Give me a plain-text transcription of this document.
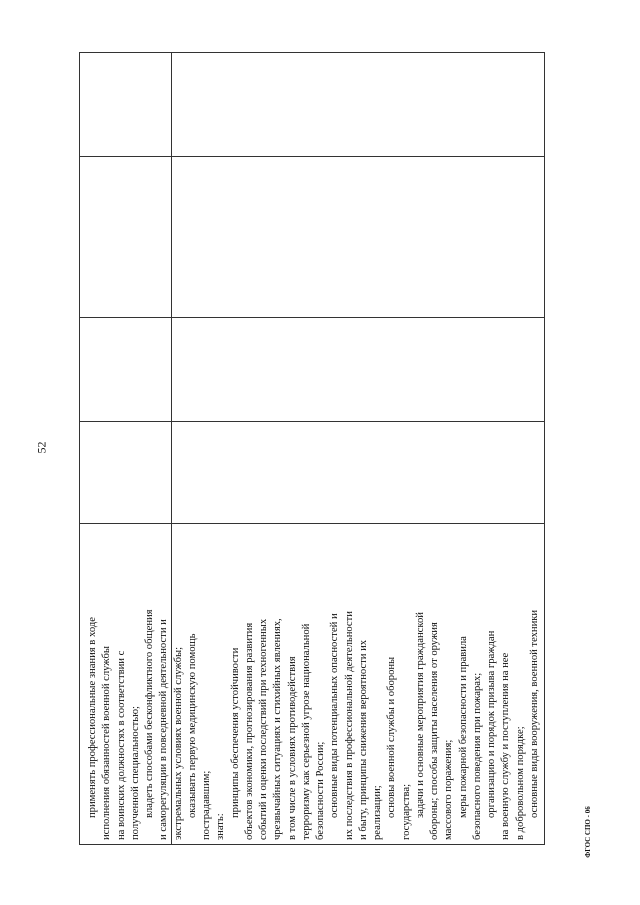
52
ФГОС СПО - 06
применять профессиональные знания в ходе исполнения обязанностей военной службы на воинских должностях в соответствии с полученной специальностью; владеть способами бесконфликтного общения и саморегуляции в повседневной деятельности и экстремальных условиях военной службы; оказывать первую медицинскую помощь пострадавшим; знать:
принципы обеспечения устойчивости объектов экономики, прогнозирования развития событий и оценки последствий при техногенных чрезвычайных ситуациях и стихийных явлениях, в том числе в условиях противодействия терроризму как серьезной угрозе национальной безопасности России; основные виды потенциальных опасностей и их последствия в профессиональной деятельности и быту, принципы снижения вероятности их реализации; основы военной службы и обороны государства; задачи и основные мероприятия гражданской обороны; способы защиты населения от оружия массового поражения; меры пожарной безопасности и правила безопасного поведения при пожарах; организацию и порядок призыва граждан на военную службу и поступления на нее в добровольном порядке; основные виды вооружения, военной техники
